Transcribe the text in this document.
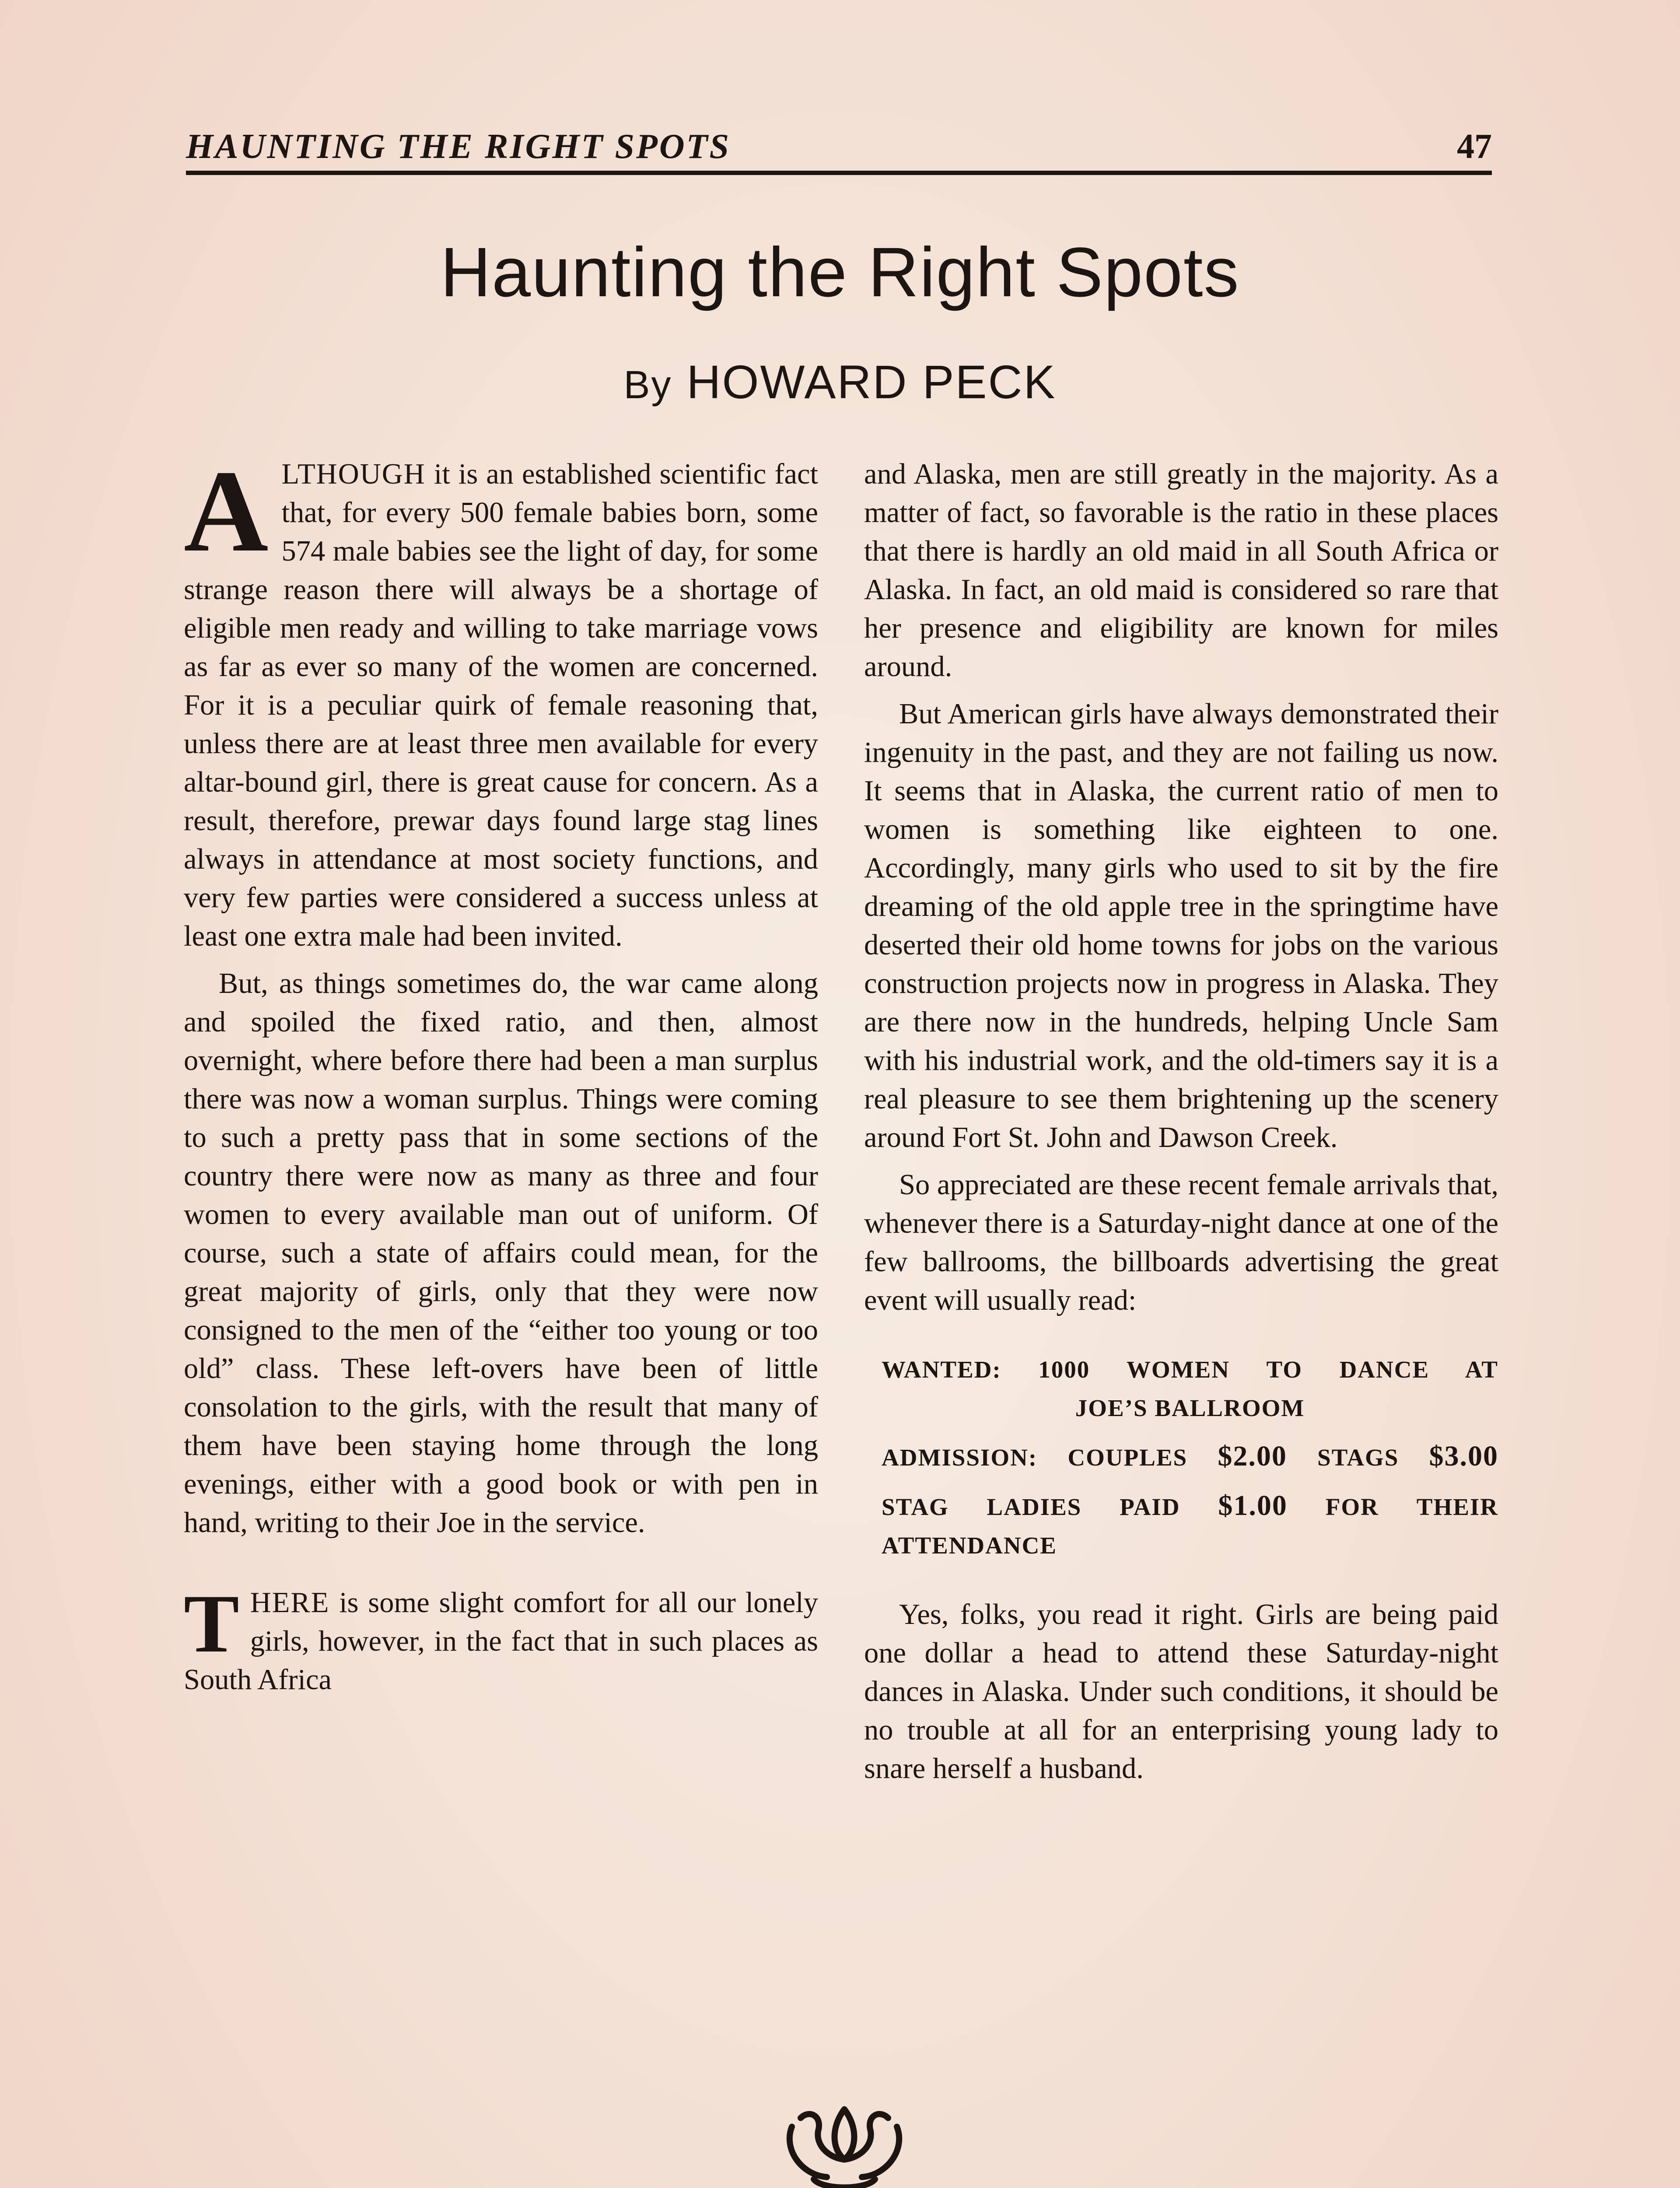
HAUNTING THE RIGHT SPOTS	47
Haunting the Right Spots
By HOWARD PECK

ALTHOUGH it is an established scientific fact that, for every 500 female babies born, some 574 male babies see the light of day, for some strange reason there will always be a shortage of eligible men ready and willing to take marriage vows as far as ever so many of the women are concerned. For it is a peculiar quirk of female reasoning that, unless there are at least three men available for every altar-bound girl, there is great cause for concern. As a result, therefore, prewar days found large stag lines always in attendance at most society functions, and very few parties were considered a success unless at least one extra male had been invited.

But, as things sometimes do, the war came along and spoiled the fixed ratio, and then, almost overnight, where before there had been a man surplus there was now a woman surplus. Things were coming to such a pretty pass that in some sections of the country there were now as many as three and four women to every available man out of uniform. Of course, such a state of affairs could mean, for the great majority of girls, only that they were now consigned to the men of the “either too young or too old” class. These left-overs have been of little consolation to the girls, with the result that many of them have been staying home through the long evenings, either with a good book or with pen in hand, writing to their Joe in the service.

THERE is some slight comfort for all our lonely girls, however, in the fact that in such places as South Africa

and Alaska, men are still greatly in the majority. As a matter of fact, so favorable is the ratio in these places that there is hardly an old maid in all South Africa or Alaska. In fact, an old maid is considered so rare that her presence and eligibility are known for miles around.

But American girls have always demonstrated their ingenuity in the past, and they are not failing us now. It seems that in Alaska, the current ratio of men to women is something like eighteen to one. Accordingly, many girls who used to sit by the fire dreaming of the old apple tree in the springtime have deserted their old home towns for jobs on the various construction projects now in progress in Alaska. They are there now in the hundreds, helping Uncle Sam with his industrial work, and the old-timers say it is a real pleasure to see them brightening up the scenery around Fort St. John and Dawson Creek.

So appreciated are these recent female arrivals that, whenever there is a Saturday-night dance at one of the few ballrooms, the billboards advertising the great event will usually read:

WANTED: 1000 WOMEN TO DANCE AT
JOE’S BALLROOM
ADMISSION: COUPLES $2.00 STAGS $3.00
STAG LADIES PAID $1.00 FOR THEIR
ATTENDANCE

Yes, folks, you read it right. Girls are being paid one dollar a head to attend these Saturday-night dances in Alaska. Under such conditions, it should be no trouble at all for an enterprising young lady to snare herself a husband.
